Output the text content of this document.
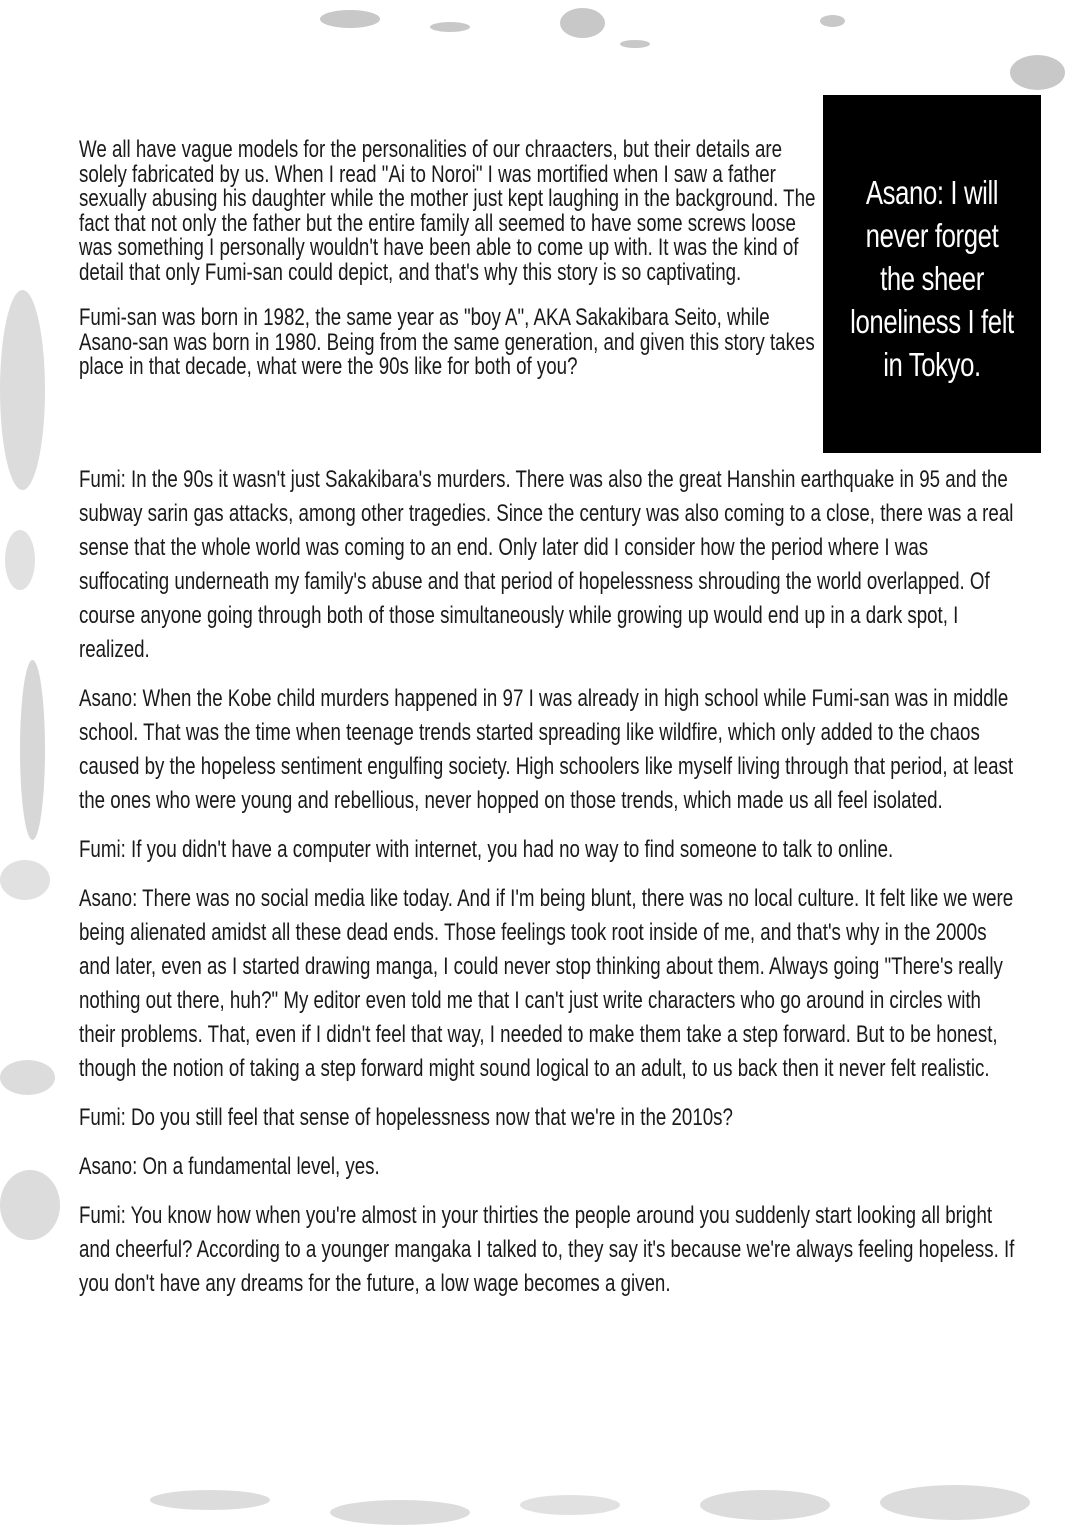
Asano: I will never forget the sheer loneliness I felt in Tokyo.

We all have vague models for the personalities of our chraacters, but their details are solely fabricated by us. When I read "Ai to Noroi" I was mortified when I saw a father sexually abusing his daughter while the mother just kept laughing in the background. The fact that not only the father but the entire family all seemed to have some screws loose was something I personally wouldn't have been able to come up with. It was the kind of detail that only Fumi-san could depict, and that's why this story is so captivating.

Fumi-san was born in 1982, the same year as "boy A", AKA Sakakibara Seito, while Asano-san was born in 1980. Being from the same generation, and given this story takes place in that decade, what were the 90s like for both of you?

Fumi: In the 90s it wasn't just Sakakibara's murders. There was also the great Hanshin earthquake in 95 and the subway sarin gas attacks, among other tragedies. Since the century was also coming to a close, there was a real sense that the whole world was coming to an end. Only later did I consider how the period where I was suffocating underneath my family's abuse and that period of hopelessness shrouding the world overlapped. Of course anyone going through both of those simultaneously while growing up would end up in a dark spot, I realized.

Asano: When the Kobe child murders happened in 97 I was already in high school while Fumi-san was in middle school. That was the time when teenage trends started spreading like wildfire, which only added to the chaos caused by the hopeless sentiment engulfing society. High schoolers like myself living through that period, at least the ones who were young and rebellious, never hopped on those trends, which made us all feel isolated.

Fumi: If you didn't have a computer with internet, you had no way to find someone to talk to online.

Asano: There was no social media like today. And if I'm being blunt, there was no local culture. It felt like we were being alienated amidst all these dead ends. Those feelings took root inside of me, and that's why in the 2000s and later, even as I started drawing manga, I could never stop thinking about them. Always going "There's really nothing out there, huh?" My editor even told me that I can't just write characters who go around in circles with their problems. That, even if I didn't feel that way, I needed to make them take a step forward. But to be honest, though the notion of taking a step forward might sound logical to an adult, to us back then it never felt realistic.

Fumi: Do you still feel that sense of hopelessness now that we're in the 2010s?

Asano: On a fundamental level, yes.

Fumi: You know how when you're almost in your thirties the people around you suddenly start looking all bright and cheerful? According to a younger mangaka I talked to, they say it's because we're always feeling hopeless. If you don't have any dreams for the future, a low wage becomes a given.
